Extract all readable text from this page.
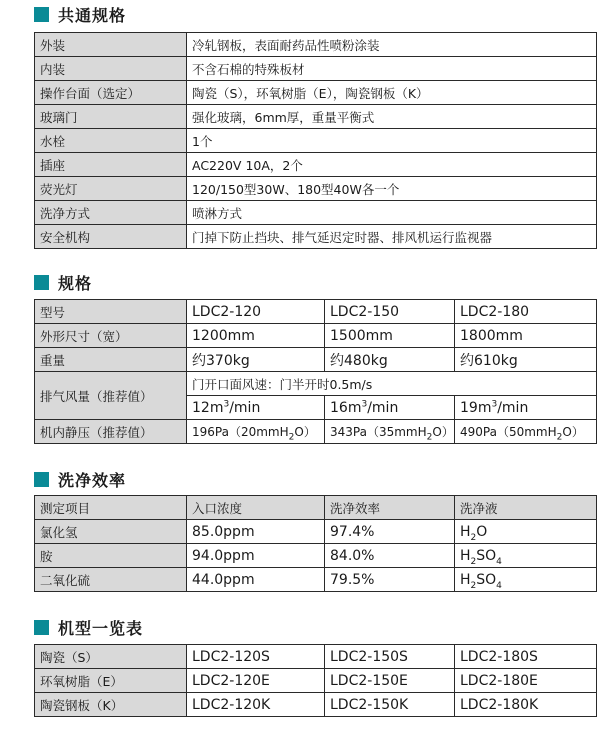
共通规格
外装	冷轧钢板，表面耐药品性喷粉涂装
内装	不含石棉的特殊板材
操作台面（选定）	陶瓷（S），环氧树脂（E），陶瓷钢板（K）
玻璃门	强化玻璃，6mm厚，重量平衡式
水栓	1个
插座	AC220V 10A，2个
荧光灯	120/150型30W、180型40W各一个
洗净方式	喷淋方式
安全机构	门掉下防止挡块、排气延迟定时器、排风机运行监视器
规格
型号	LDC2-120	LDC2-150	LDC2-180
外形尺寸（宽）	1200mm	1500mm	1800mm
重量	约370kg	约480kg	约610kg
排气风量（推荐值）	门开口面风速：门半开时0.5m/s		
	$12m^3/\min$	$16m^3/\min$	$19m^3/\min$
机内静压（推荐值）	196Pa（20mmH$_2$O）	343Pa（35mmH$_2$O）	490Pa（50mmH$_2$O）
洗净效率
测定项目	入口浓度	洗净效率	洗净液
氯化氢	85.0ppm	97.4%	$H_2O$
胺	94.0ppm	84.0%	$H_2SO_4$
二氧化硫	44.0ppm	79.5%	$H_2SO_4$
机型一览表
陶瓷（S）	LDC2-120S	LDC2-150S	LDC2-180S
环氧树脂（E）	LDC2-120E	LDC2-150E	LDC2-180E
陶瓷钢板（K）	LDC2-120K	LDC2-150K	LDC2-180K
